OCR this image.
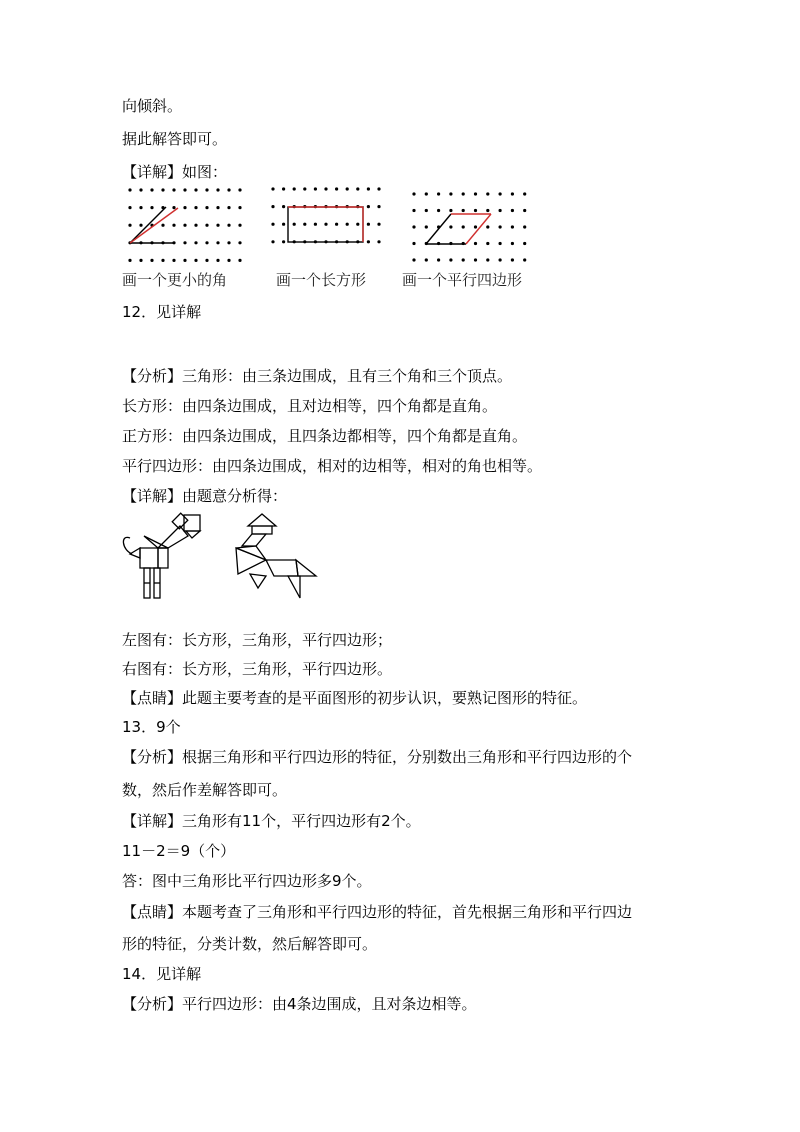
向倾斜。
据此解答即可。
【详解】如图：
画一个更小的角	画一个长方形 画一个平行四边形
12．见详解
【分析】三角形：由三条边围成，且有三个角和三个顶点。
长方形：由四条边围成，且对边相等，四个角都是直角。
正方形：由四条边围成，且四条边都相等，四个角都是直角。
平行四边形：由四条边围成，相对的边相等，相对的角也相等。
【详解】由题意分析得：
左图有：长方形，三角形，平行四边形；
右图有：长方形，三角形，平行四边形。
【点睛】此题主要考查的是平面图形的初步认识，要熟记图形的特征。
13．9个
【分析】根据三角形和平行四边形的特征，分别数出三角形和平行四边形的个
数，然后作差解答即可。
【详解】三角形有11个，平行四边形有2个。
11－2＝9（个）
答：图中三角形比平行四边形多9个。
【点睛】本题考查了三角形和平行四边形的特征，首先根据三角形和平行四边
形的特征，分类计数，然后解答即可。
14．见详解
【分析】平行四边形：由4条边围成，且对条边相等。
